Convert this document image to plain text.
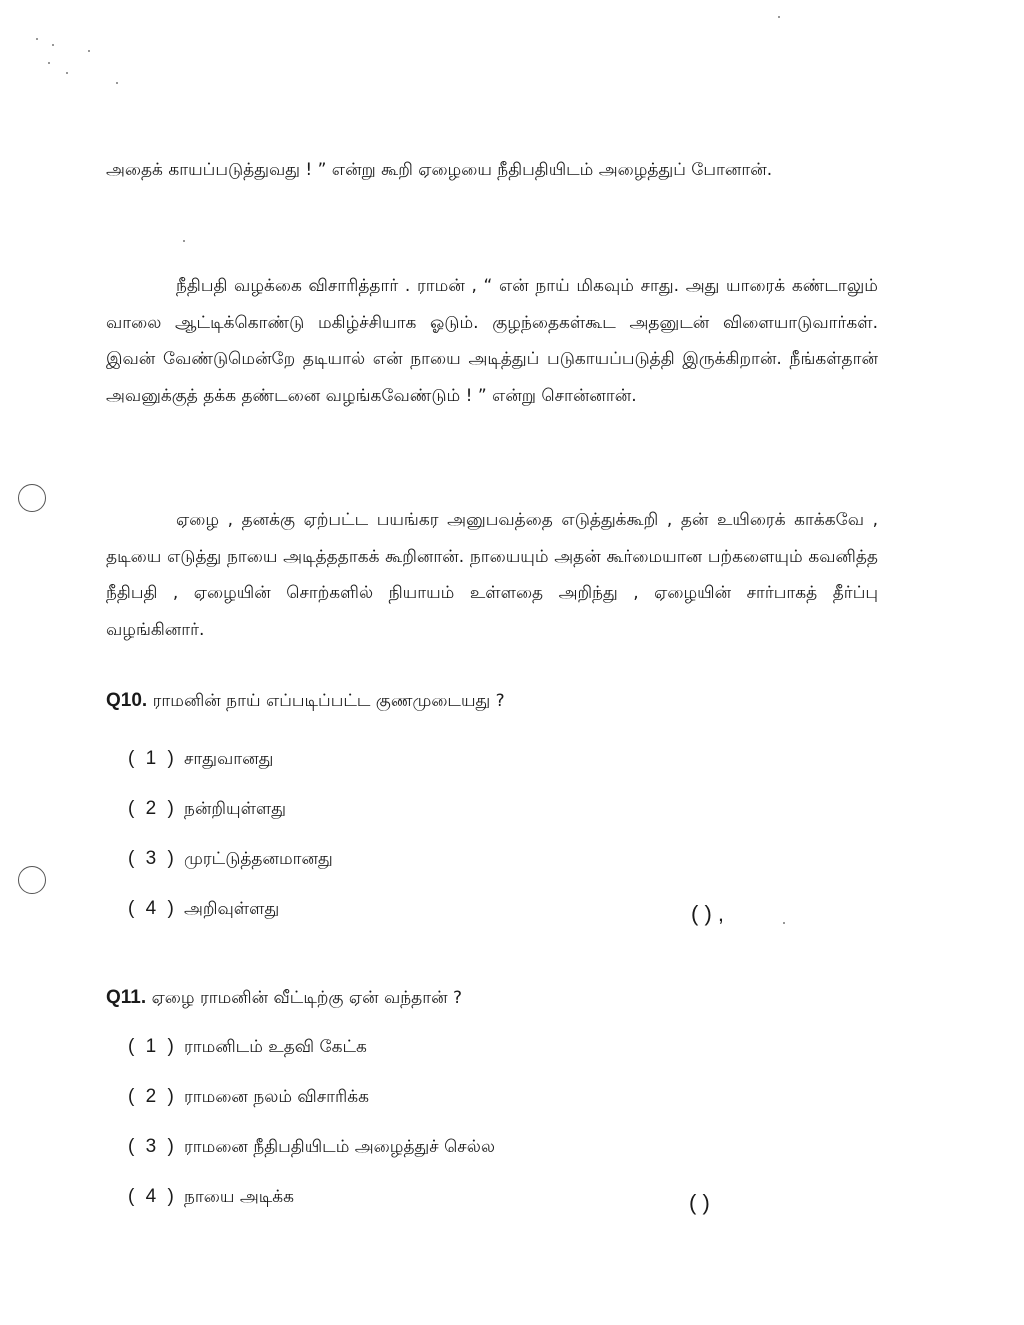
அதைக் காயப்படுத்துவது ! ” என்று கூறி ஏழையை நீதிபதியிடம் அழைத்துப் போனான்.

நீதிபதி வழக்கை விசாரித்தார் . ராமன் , “ என் நாய் மிகவும் சாது. அது யாரைக் கண்டாலும் வாலை ஆட்டிக்கொண்டு மகிழ்ச்சியாக ஓடும். குழந்தைகள்கூட அதனுடன் விளையாடுவார்கள். இவன் வேண்டுமென்றே தடியால் என் நாயை அடித்துப் படுகாயப்படுத்தி இருக்கிறான். நீங்கள்தான் அவனுக்குத் தக்க தண்டனை வழங்கவேண்டும் ! ” என்று சொன்னான்.

ஏழை , தனக்கு ஏற்பட்ட பயங்கர அனுபவத்தை எடுத்துக்கூறி , தன் உயிரைக் காக்கவே , தடியை எடுத்து நாயை அடித்ததாகக் கூறினான். நாயையும் அதன் கூர்மையான பற்களையும் கவனித்த நீதிபதி , ஏழையின் சொற்களில் நியாயம் உள்ளதை அறிந்து , ஏழையின் சார்பாகத் தீர்ப்பு வழங்கினார்.

Q10. ராமனின் நாய் எப்படிப்பட்ட குணமுடையது ?
( 1 ) சாதுவானது
( 2 ) நன்றியுள்ளது
( 3 ) முரட்டுத்தனமானது
( 4 ) அறிவுள்ளது	( ) ,
Q11. ஏழை ராமனின் வீட்டிற்கு ஏன் வந்தான் ?
( 1 ) ராமனிடம் உதவி கேட்க
( 2 ) ராமனை நலம் விசாரிக்க
( 3 ) ராமனை நீதிபதியிடம் அழைத்துச் செல்ல
( 4 ) நாயை அடிக்க	( )
